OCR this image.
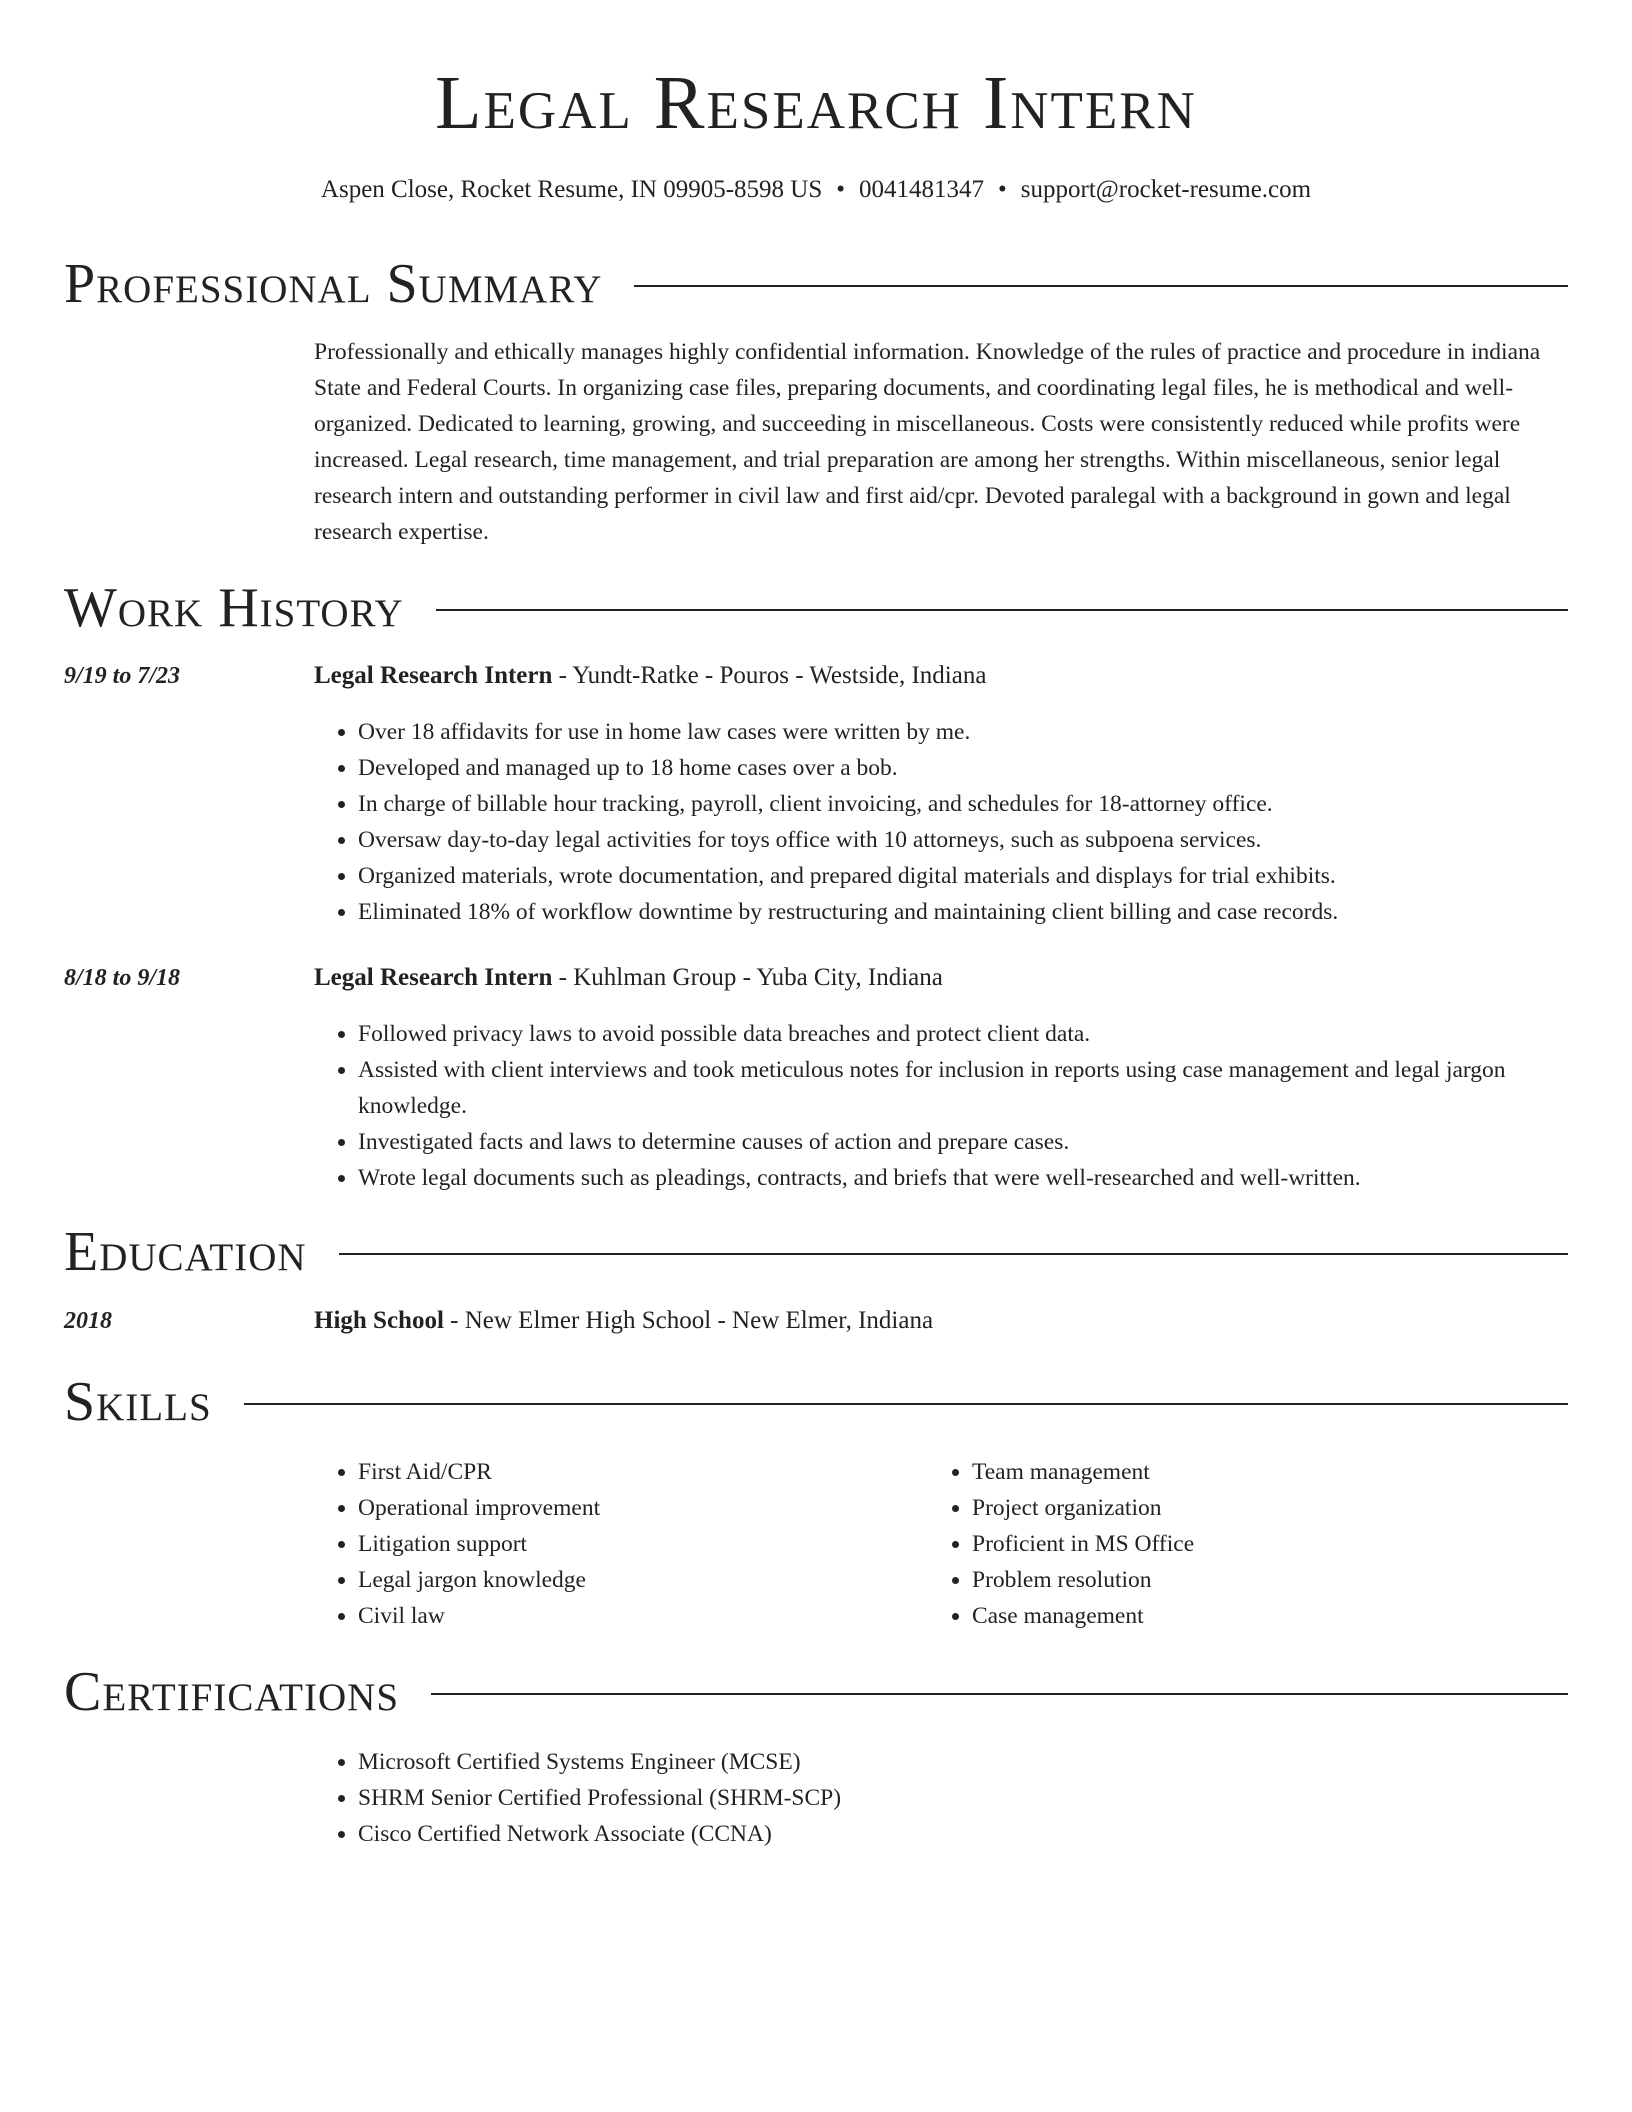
Legal Research Intern
Aspen Close, Rocket Resume, IN 09905-8598 US • 0041481347 • support@rocket-resume.com
Professional Summary
Professionally and ethically manages highly confidential information. Knowledge of the rules of practice and procedure in indiana State and Federal Courts. In organizing case files, preparing documents, and coordinating legal files, he is methodical and well-organized. Dedicated to learning, growing, and succeeding in miscellaneous. Costs were consistently reduced while profits were increased. Legal research, time management, and trial preparation are among her strengths. Within miscellaneous, senior legal research intern and outstanding performer in civil law and first aid/cpr. Devoted paralegal with a background in gown and legal research expertise.
Work History
9/19 to 7/23	Legal Research Intern - Yundt-Ratke - Pouros - Westside, Indiana
• Over 18 affidavits for use in home law cases were written by me.
• Developed and managed up to 18 home cases over a bob.
• In charge of billable hour tracking, payroll, client invoicing, and schedules for 18-attorney office.
• Oversaw day-to-day legal activities for toys office with 10 attorneys, such as subpoena services.
• Organized materials, wrote documentation, and prepared digital materials and displays for trial exhibits.
• Eliminated 18% of workflow downtime by restructuring and maintaining client billing and case records.
8/18 to 9/18	Legal Research Intern - Kuhlman Group - Yuba City, Indiana
• Followed privacy laws to avoid possible data breaches and protect client data.
• Assisted with client interviews and took meticulous notes for inclusion in reports using case management and legal jargon knowledge.
• Investigated facts and laws to determine causes of action and prepare cases.
• Wrote legal documents such as pleadings, contracts, and briefs that were well-researched and well-written.
Education
2018	High School - New Elmer High School - New Elmer, Indiana
Skills
• First Aid/CPR
• Operational improvement
• Litigation support
• Legal jargon knowledge
• Civil law
• Team management
• Project organization
• Proficient in MS Office
• Problem resolution
• Case management
Certifications
• Microsoft Certified Systems Engineer (MCSE)
• SHRM Senior Certified Professional (SHRM-SCP)
• Cisco Certified Network Associate (CCNA)
